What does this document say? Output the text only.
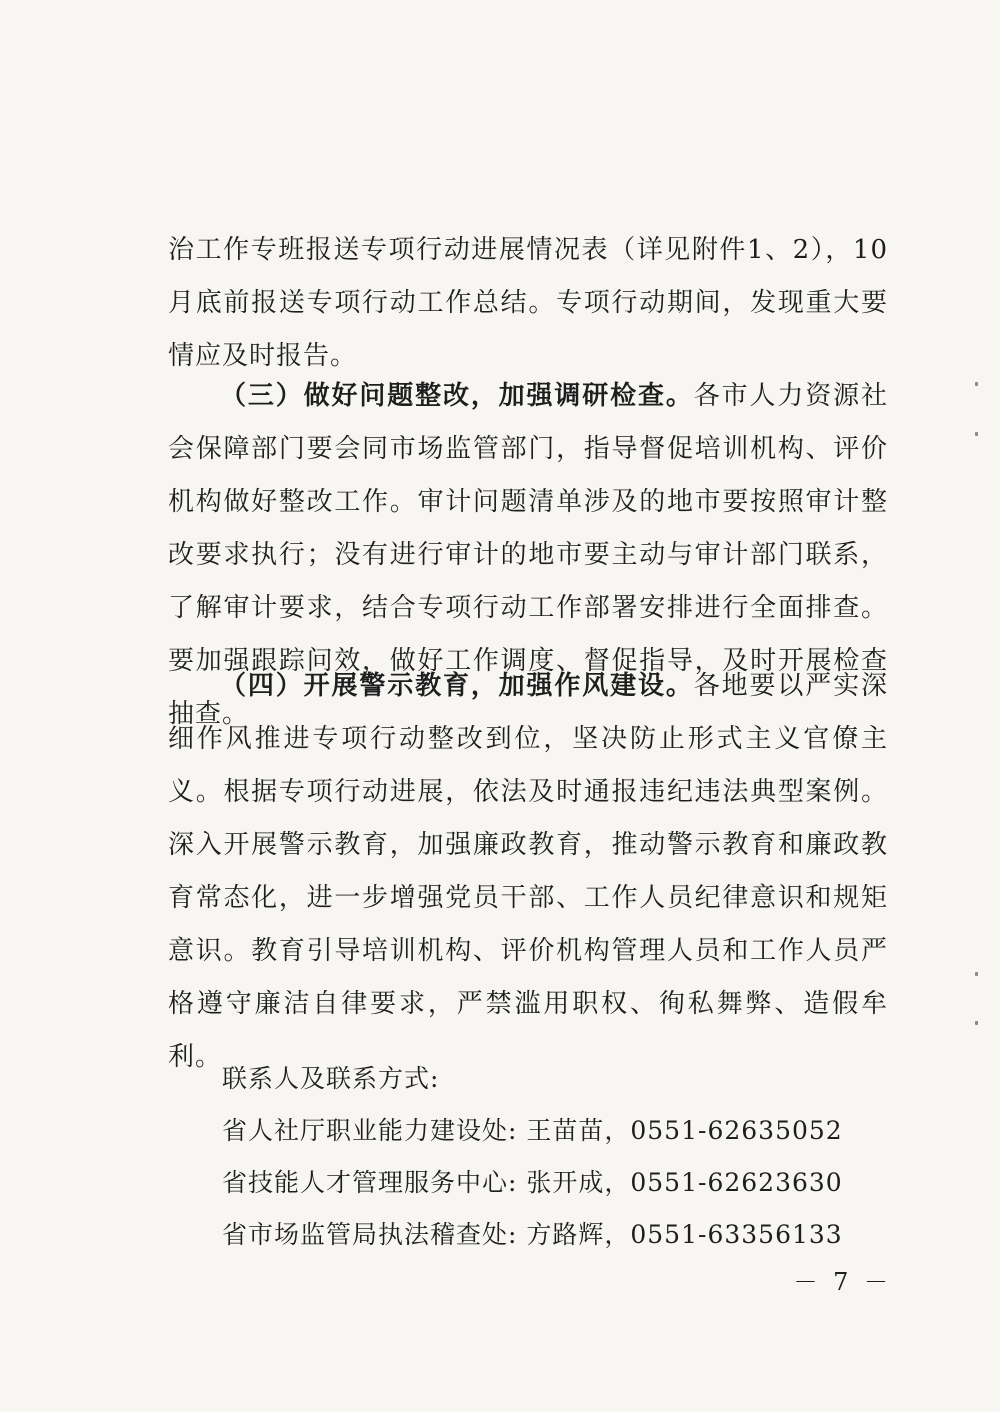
治工作专班报送专项行动进展情况表（详见附件1、2），10月底前报送专项行动工作总结。专项行动期间，发现重大要情应及时报告。

（三）做好问题整改，加强调研检查。各市人力资源社会保障部门要会同市场监管部门，指导督促培训机构、评价机构做好整改工作。审计问题清单涉及的地市要按照审计整改要求执行；没有进行审计的地市要主动与审计部门联系，了解审计要求，结合专项行动工作部署安排进行全面排查。要加强跟踪问效，做好工作调度、督促指导，及时开展检查抽查。

（四）开展警示教育，加强作风建设。各地要以严实深细作风推进专项行动整改到位，坚决防止形式主义官僚主义。根据专项行动进展，依法及时通报违纪违法典型案例。深入开展警示教育，加强廉政教育，推动警示教育和廉政教育常态化，进一步增强党员干部、工作人员纪律意识和规矩意识。教育引导培训机构、评价机构管理人员和工作人员严格遵守廉洁自律要求，严禁滥用职权、徇私舞弊、造假牟利。

联系人及联系方式:
省人社厅职业能力建设处: 王苗苗，0551-62635052
省技能人才管理服务中心: 张开成，0551-62623630
省市场监管局执法稽查处: 方路辉，0551-63356133
－ 7 －
